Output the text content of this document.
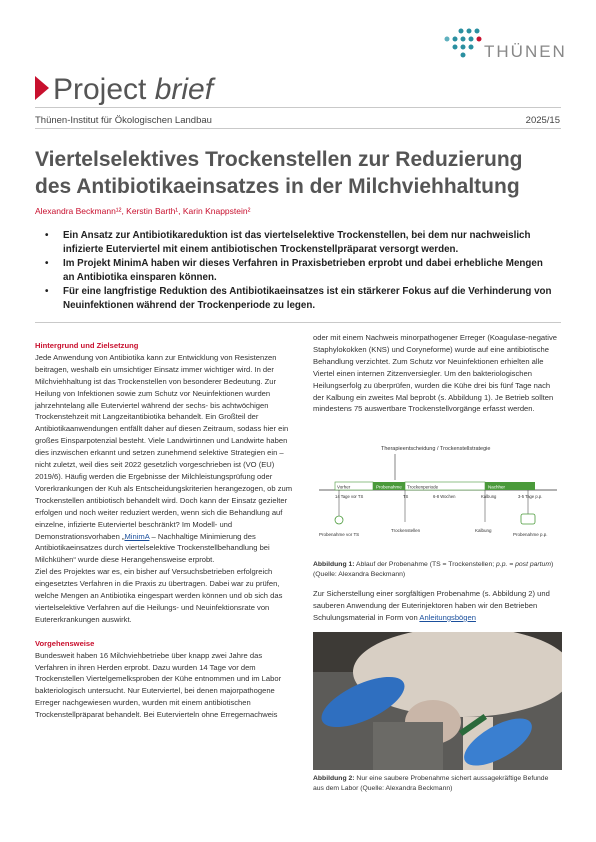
THÜNEN
Project brief
Thünen-Institut für Ökologischen Landbau	2025/15
Viertelselektives Trockenstellen zur Reduzierung
des Antibiotikaeinsatzes in der Milchviehhaltung
Alexandra Beckmann¹², Kerstin Barth¹, Karin Knappstein²
• Ein Ansatz zur Antibiotikareduktion ist das viertelselektive Trockenstellen, bei dem nur nachweislich infizierte Euterviertel mit einem antibiotischen Trockenstellpräparat versorgt werden.
• Im Projekt MinimA haben wir dieses Verfahren in Praxisbetrieben erprobt und dabei erhebliche Mengen an Antibiotika einsparen können.
• Für eine langfristige Reduktion des Antibiotikaeinsatzes ist ein stärkerer Fokus auf die Verhinderung von Neuinfektionen während der Trockenperiode zu legen.

Hintergrund und Zielsetzung

Jede Anwendung von Antibiotika kann zur Entwicklung von Resistenzen beitragen, weshalb ein umsichtiger Einsatz immer wichtiger wird. In der Milchviehhaltung ist das Trockenstellen von besonderer Bedeutung. Zur Heilung von Infektionen sowie zum Schutz vor Neuinfektionen wurden jahrzehntelang alle Euterviertel während der sechs- bis achtwöchigen Trockenstehzeit mit Langzeitantibiotika behandelt. Ein Großteil der Antibiotikaanwendungen entfällt daher auf diesen Zeitraum, sodass hier ein großes Einsparpotenzial besteht. Viele Landwirtinnen und Landwirte haben dies inzwischen erkannt und setzen zunehmend selektive Strategien ein – nicht zuletzt, weil dies seit 2022 gesetzlich vorgeschrieben ist (VO (EU) 2019/6). Häufig werden die Ergebnisse der Milchleistungsprüfung oder Vorerkrankungen der Kuh als Entscheidungskriterien herangezogen, ob zum Trockenstellen antibiotisch behandelt wird. Doch kann der Einsatz gezielter erfolgen und noch weiter reduziert werden, wenn sich die Behandlung auf einzelne, infizierte Euterviertel beschränkt? Im Modell- und Demonstrationsvorhaben „MinimA – Nachhaltige Minimierung des Antibiotikaeinsatzes durch viertelselektive Trockenstellbehandlung bei Milchkühen“ wurde diese Herangehensweise erprobt.

Ziel des Projektes war es, ein bisher auf Versuchsbetrieben erfolgreich eingesetztes Verfahren in die Praxis zu übertragen. Dabei war zu prüfen, welche Mengen an Antibiotika eingespart werden können und ob sich das viertelselektive Verfahren auf die Heilungs- und Neuinfektionsrate von Eutererkrankungen auswirkt.

Vorgehensweise

Bundesweit haben 16 Milchviehbetriebe über knapp zwei Jahre das Verfahren in ihren Herden erprobt. Dazu wurden 14 Tage vor dem Trockenstellen Viertelgemelksproben der Kühe entnommen und im Labor bakteriologisch untersucht. Nur Euterviertel, bei denen majorpathogene Erreger nachgewiesen wurden, wurden mit einem antibiotischen Trockenstellpräparat behandelt. Bei Eutervierteln ohne Erregernachweis

oder mit einem Nachweis minorpathogener Erreger (Koagulase-negative Staphylokokken (KNS) und Coryneforme) wurde auf eine antibiotische Behandlung verzichtet. Zum Schutz vor Neuinfektionen erhielten alle Viertel einen internen Zitzenversiegler. Um den bakteriologischen Heilungserfolg zu überprüfen, wurden die Kühe drei bis fünf Tage nach der Kalbung ein zweites Mal beprobt (s. Abbildung 1). Je Betrieb sollten mindestens 75 auswertbare Trockenstellvorgänge erfasst werden.

Therapieentscheidung / Trockenstellstrategie
Vorher	Probenahme Trockenperiode	Nachher
14 Tage vor TS	TS	6-8 Wochen	Kalbung	3-5 Tage p.p.
Probenahme vor TS
Trockenstellen	Kalbung
Probenahme p.p.
Abbildung 1: Ablauf der Probenahme (TS = Trockenstellen; p.p. = post partum) (Quelle: Alexandra Beckmann)

Zur Sicherstellung einer sorgfältigen Probenahme (s. Abbildung 2) und sauberen Anwendung der Euterinjektoren haben wir den Betrieben Schulungsmaterial in Form von Anleitungsbögen

Abbildung 2: Nur eine saubere Probenahme sichert aussagekräftige Befunde aus dem Labor (Quelle: Alexandra Beckmann)
